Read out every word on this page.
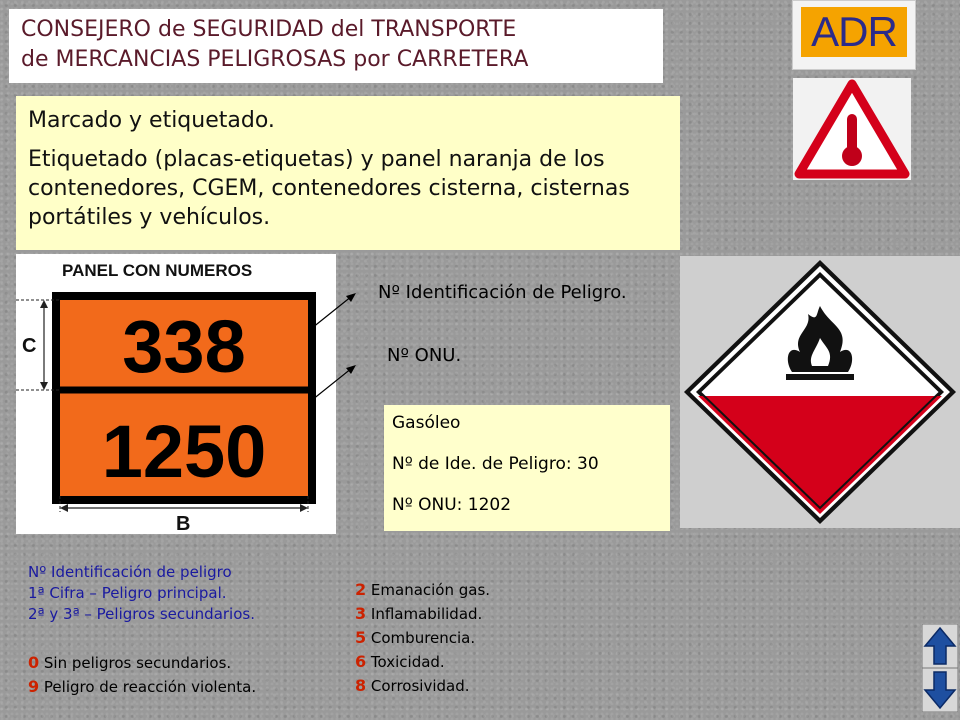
CONSEJERO de SEGURIDAD del TRANSPORTE
de MERCANCIAS PELIGROSAS por CARRETERA
ADR

Marcado y etiquetado.

Etiquetado (placas-etiquetas) y panel naranja de los contenedores, CGEM, contenedores cisterna, cisternas portátiles y vehículos.

PANEL CON NUMEROS
338
1250
C
B
Nº Identificación de Peligro.
Nº ONU.
Gasóleo
Nº de Ide. de Peligro: 30
Nº ONU: 1202
Nº Identificación de peligro
1ª Cifra – Peligro principal.
2ª y 3ª – Peligros secundarios.
0 Sin peligros secundarios.
9 Peligro de reacción violenta.
2 Emanación gas.
3 Inflamabilidad.
5 Comburencia.
6 Toxicidad.
8 Corrosividad.
